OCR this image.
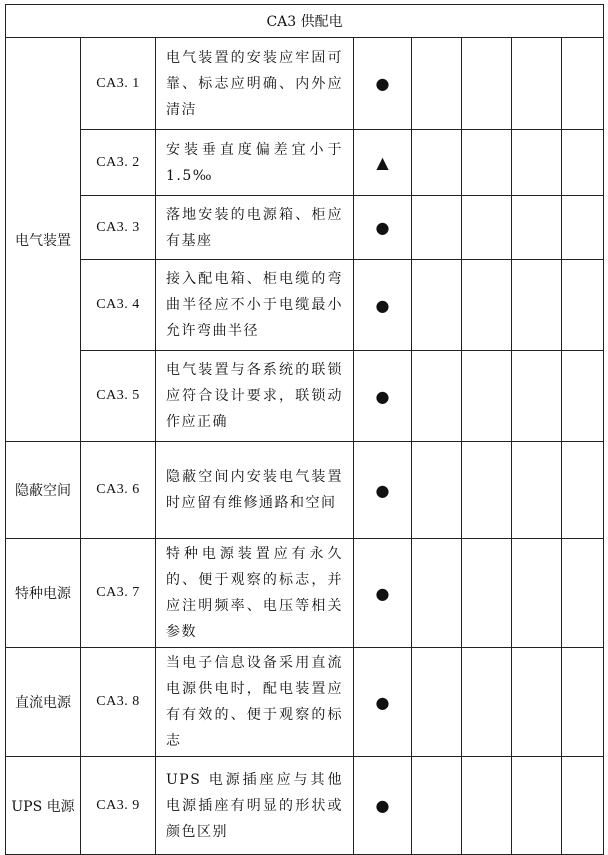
CA3 供配电							
电气装置	CA3. 1	电气装置的安装应牢固可靠、标志应明确、内外应清洁	●				
	CA3. 2	安装垂直度偏差宜小于1.5‰	▲				
	CA3. 3	落地安装的电源箱、柜应有基座	●				
	CA3. 4	接入配电箱、柜电缆的弯曲半径应不小于电缆最小允许弯曲半径	●				
	CA3. 5	电气装置与各系统的联锁应符合设计要求，联锁动作应正确	●				
隐蔽空间	CA3. 6	隐蔽空间内安装电气装置时应留有维修通路和空间	●				
特种电源	CA3. 7	特种电源装置应有永久的、便于观察的标志，并应注明频率、电压等相关参数	●				
直流电源	CA3. 8	当电子信息设备采用直流电源供电时，配电装置应有有效的、便于观察的标志	●				
UPS 电源	CA3. 9	UPS 电源插座应与其他电源插座有明显的形状或颜色区别	●				
